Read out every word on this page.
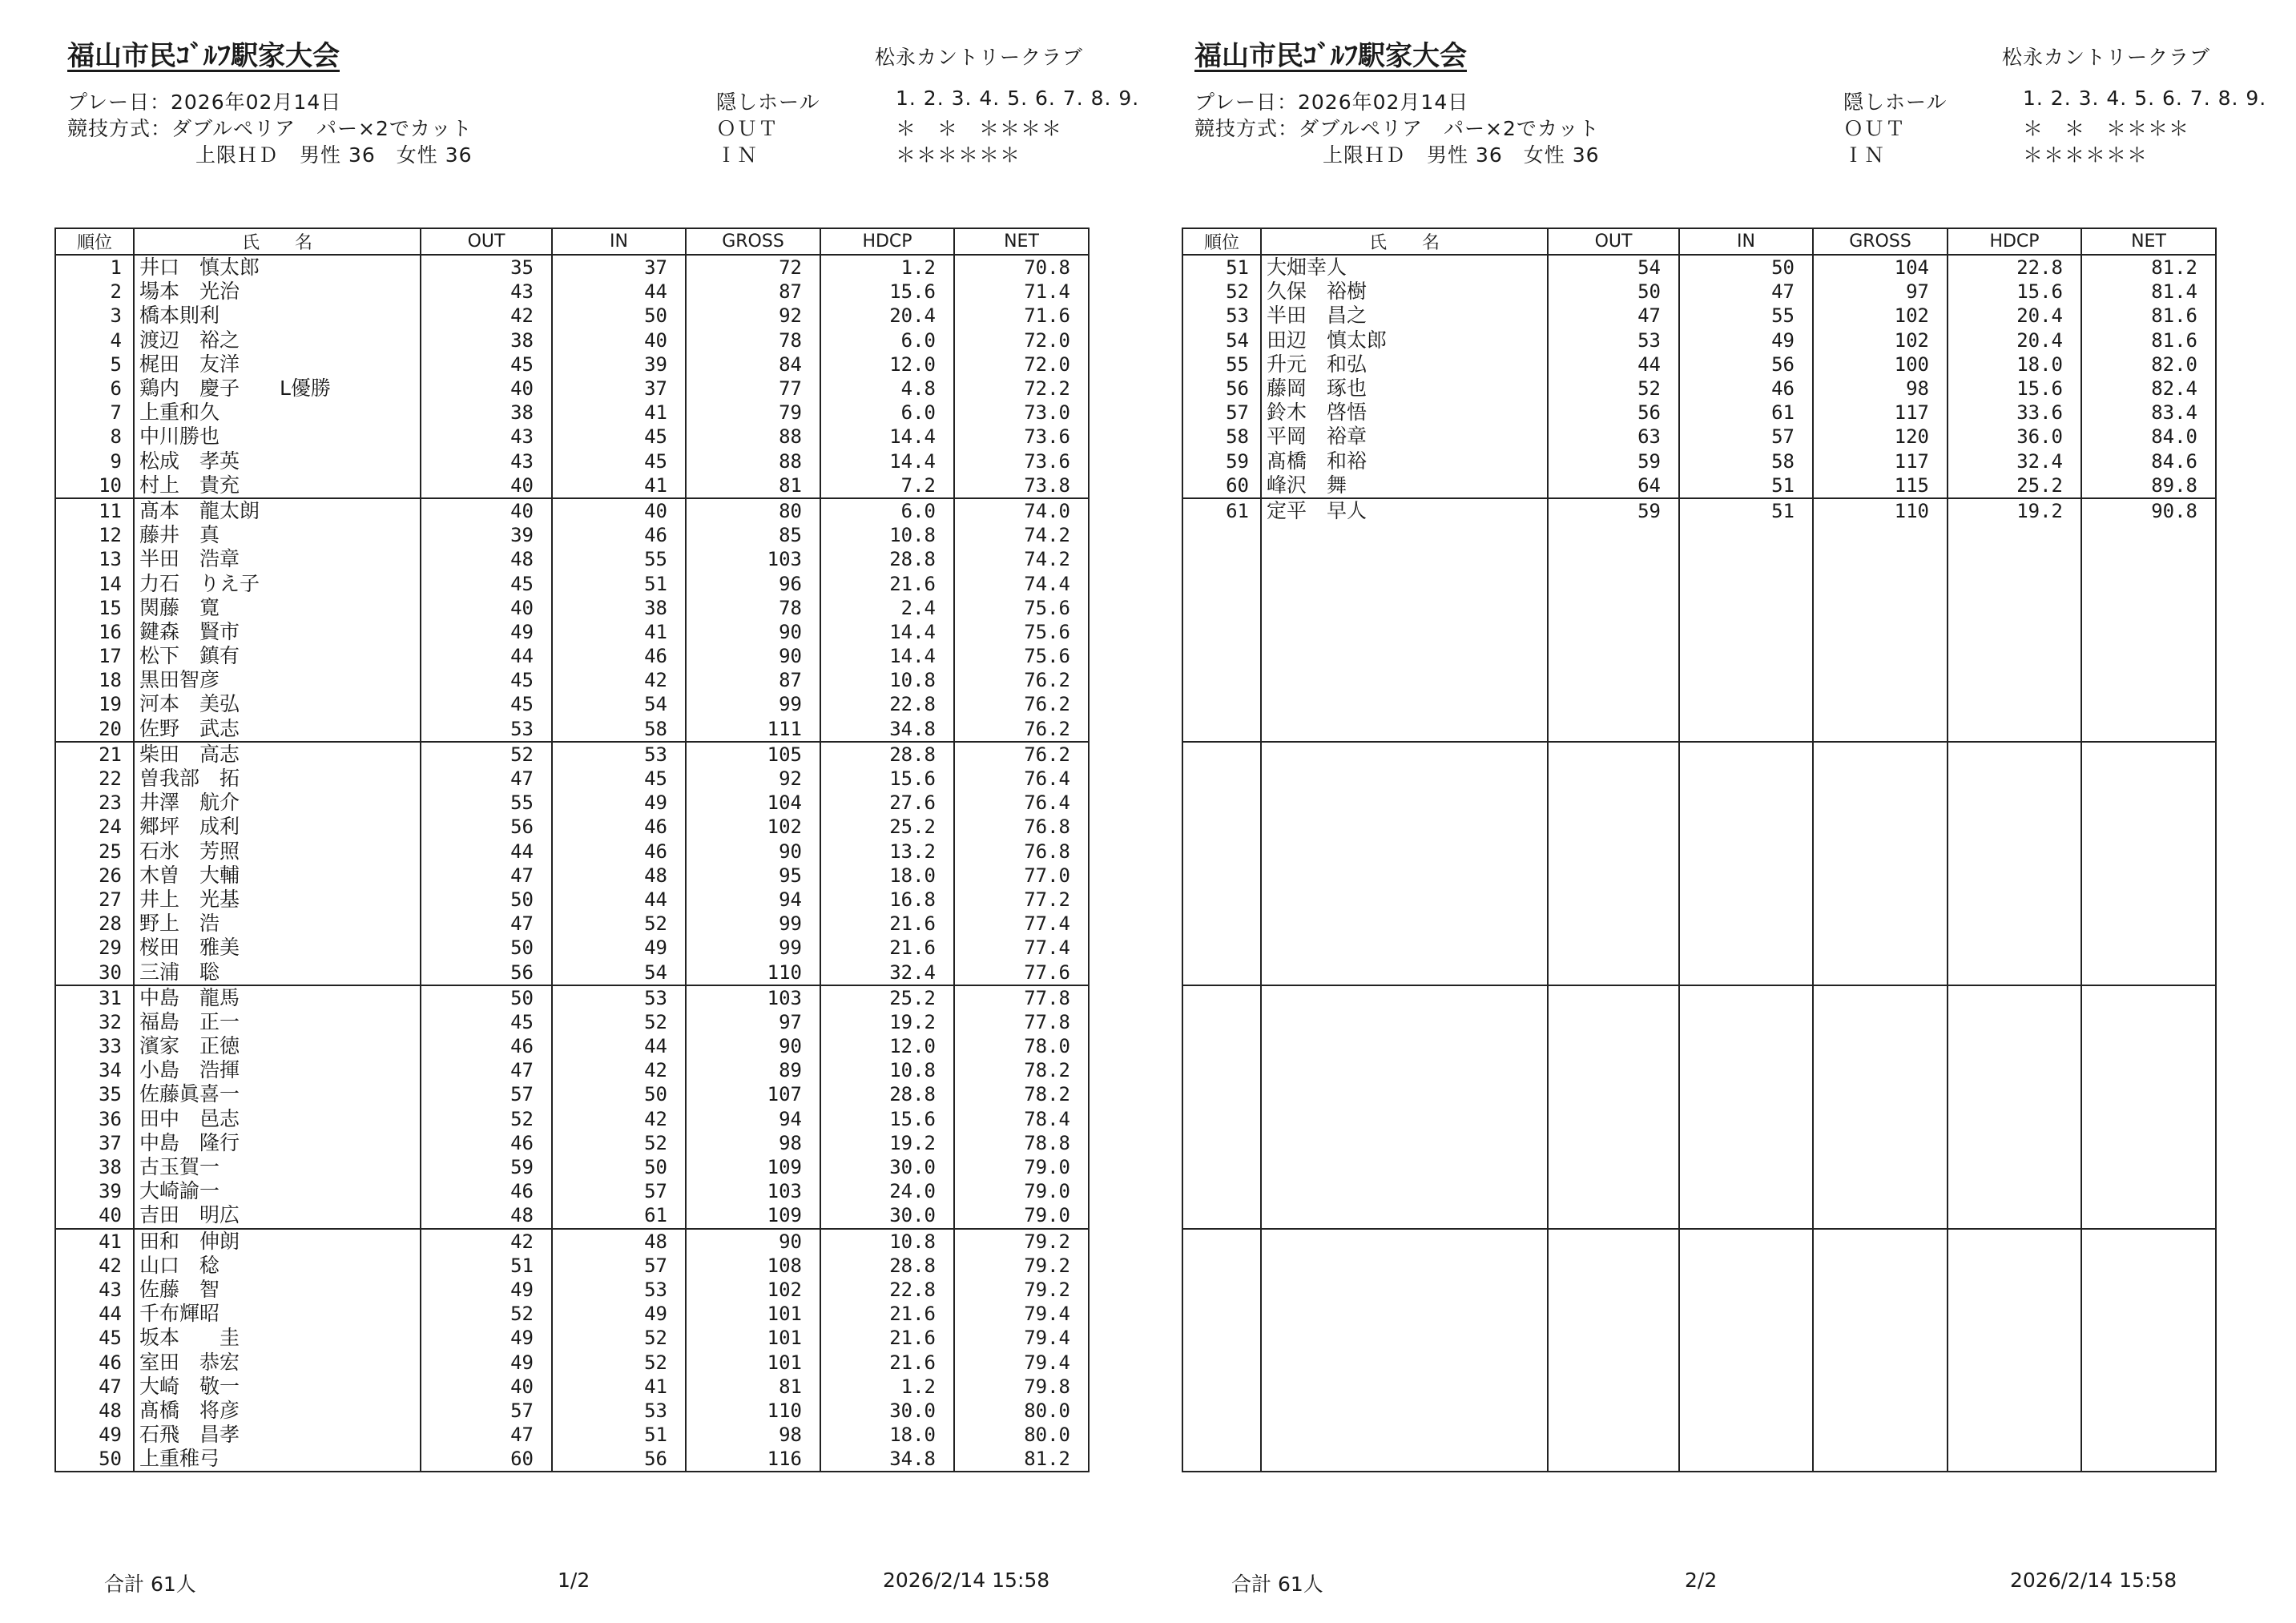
福山市民ｺﾞﾙﾌ駅家大会	松永カントリークラブ
プレー日：2026年02月14日
競技方式：ダブルペリア　パー×2でカット
上限ＨＤ　男性 36　女性 36
隠しホール	1. 2. 3. 4. 5. 6. 7. 8. 9.
ＯＵＴ	＊　＊　＊＊＊＊
ＩＮ	＊＊＊＊＊＊
順位	氏　　名	OUT	IN	GROSS	HDCP	NET
1	井口　慎太郎	35	37	72	1.2	70.8
2	場本　光治	43	44	87	15.6	71.4
3	橋本則利	42	50	92	20.4	71.6
4	渡辺　裕之	38	40	78	6.0	72.0
5	梶田　友洋	45	39	84	12.0	72.0
6	鶏内　慶子　　L優勝	40	37	77	4.8	72.2
7	上重和久	38	41	79	6.0	73.0
8	中川勝也	43	45	88	14.4	73.6
9	松成　孝英	43	45	88	14.4	73.6
10	村上　貴充	40	41	81	7.2	73.8
11	髙本　龍太朗	40	40	80	6.0	74.0
12	藤井　真	39	46	85	10.8	74.2
13	半田　浩章	48	55	103	28.8	74.2
14	力石　りえ子	45	51	96	21.6	74.4
15	関藤　寛	40	38	78	2.4	75.6
16	鍵森　賢市	49	41	90	14.4	75.6
17	松下　鎮有	44	46	90	14.4	75.6
18	黒田智彦	45	42	87	10.8	76.2
19	河本　美弘	45	54	99	22.8	76.2
20	佐野　武志	53	58	111	34.8	76.2
21	柴田　高志	52	53	105	28.8	76.2
22	曽我部　拓	47	45	92	15.6	76.4
23	井澤　航介	55	49	104	27.6	76.4
24	郷坪　成利	56	46	102	25.2	76.8
25	石氷　芳照	44	46	90	13.2	76.8
26	木曽　大輔	47	48	95	18.0	77.0
27	井上　光基	50	44	94	16.8	77.2
28	野上　浩	47	52	99	21.6	77.4
29	桜田　雅美	50	49	99	21.6	77.4
30	三浦　聡	56	54	110	32.4	77.6
31	中島　龍馬	50	53	103	25.2	77.8
32	福島　正一	45	52	97	19.2	77.8
33	濱家　正徳	46	44	90	12.0	78.0
34	小島　浩揮	47	42	89	10.8	78.2
35	佐藤眞喜一	57	50	107	28.8	78.2
36	田中　邑志	52	42	94	15.6	78.4
37	中島　隆行	46	52	98	19.2	78.8
38	古玉賀一	59	50	109	30.0	79.0
39	大崎諭一	46	57	103	24.0	79.0
40	吉田　明広	48	61	109	30.0	79.0
41	田和　伸朗	42	48	90	10.8	79.2
42	山口　稔	51	57	108	28.8	79.2
43	佐藤　智	49	53	102	22.8	79.2
44	千布輝昭	52	49	101	21.6	79.4
45	坂本　　圭	49	52	101	21.6	79.4
46	室田　恭宏	49	52	101	21.6	79.4
47	大崎　敬一	40	41	81	1.2	79.8
48	髙橋　将彦	57	53	110	30.0	80.0
49	石飛　昌孝	47	51	98	18.0	80.0
50	上重稚弓	60	56	116	34.8	81.2
合計 61人	1/2	2026/2/14 15:58
福山市民ｺﾞﾙﾌ駅家大会	松永カントリークラブ
プレー日：2026年02月14日
競技方式：ダブルペリア　パー×2でカット
上限ＨＤ　男性 36　女性 36
隠しホール	1. 2. 3. 4. 5. 6. 7. 8. 9.
ＯＵＴ	＊　＊　＊＊＊＊
ＩＮ	＊＊＊＊＊＊
順位	氏　　名	OUT	IN	GROSS	HDCP	NET
51	大畑幸人	54	50	104	22.8	81.2
52	久保　裕樹	50	47	97	15.6	81.4
53	半田　昌之	47	55	102	20.4	81.6
54	田辺　慎太郎	53	49	102	20.4	81.6
55	升元　和弘	44	56	100	18.0	82.0
56	藤岡　琢也	52	46	98	15.6	82.4
57	鈴木　啓悟	56	61	117	33.6	83.4
58	平岡　裕章	63	57	120	36.0	84.0
59	髙橋　和裕	59	58	117	32.4	84.6
60	峰沢　舞	64	51	115	25.2	89.8
61	定平　早人	59	51	110	19.2	90.8

合計 61人	2/2	2026/2/14 15:58
